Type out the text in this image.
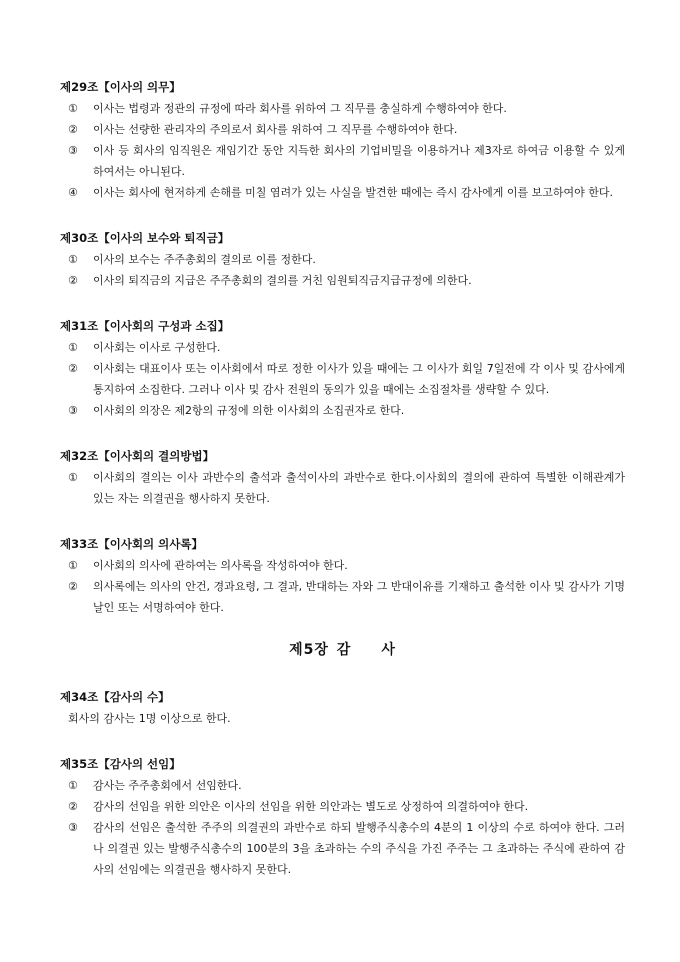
제29조【이사의 의무】
①	이사는 법령과 정관의 규정에 따라 회사를 위하여 그 직무를 충실하게 수행하여야 한다.
②	이사는 선량한 관리자의 주의로서 회사를 위하여 그 직무를 수행하여야 한다.
③	이사 등 회사의 임직원은 재임기간 동안 지득한 회사의 기업비밀을 이용하거나 제3자로 하여금 이용할 수 있게 하여서는 아니된다.
④	이사는 회사에 현저하게 손해를 미칠 염려가 있는 사실을 발견한 때에는 즉시 감사에게 이를 보고하여야 한다.
제30조【이사의 보수와 퇴직금】
①	이사의 보수는 주주총회의 결의로 이를 정한다.
②	이사의 퇴직금의 지급은 주주총회의 결의를 거친 임원퇴직금지급규정에 의한다.
제31조【이사회의 구성과 소집】
①	이사회는 이사로 구성한다.
②	이사회는 대표이사 또는 이사회에서 따로 정한 이사가 있을 때에는 그 이사가 회일 7일전에 각 이사 및 감사에게 통지하여 소집한다. 그러나 이사 및 감사 전원의 동의가 있을 때에는 소집절차를 생략할 수 있다.
③	이사회의 의장은 제2항의 규정에 의한 이사회의 소집권자로 한다.
제32조【이사회의 결의방법】
①	이사회의 결의는 이사 과반수의 출석과 출석이사의 과반수로 한다.이사회의 결의에 관하여 특별한 이해관계가 있는 자는 의결권을 행사하지 못한다.
제33조【이사회의 의사록】
①	이사회의 의사에 관하여는 의사록을 작성하여야 한다.
②	의사록에는 의사의 안건, 경과요령, 그 결과, 반대하는 자와 그 반대이유를 기재하고 출석한 이사 및 감사가 기명날인 또는 서명하여야 한다.
제5장 감　　사
제34조【감사의 수】
회사의 감사는 1명 이상으로 한다.
제35조【감사의 선임】
①	감사는 주주총회에서 선임한다.
②	감사의 선임을 위한 의안은 이사의 선임을 위한 의안과는 별도로 상정하여 의결하여야 한다.
③	감사의 선임은 출석한 주주의 의결권의 과반수로 하되 발행주식총수의 4분의 1 이상의 수로 하여야 한다. 그러나 의결권 있는 발행주식총수의 100분의 3을 초과하는 수의 주식을 가진 주주는 그 초과하는 주식에 관하여 감사의 선임에는 의결권을 행사하지 못한다.
